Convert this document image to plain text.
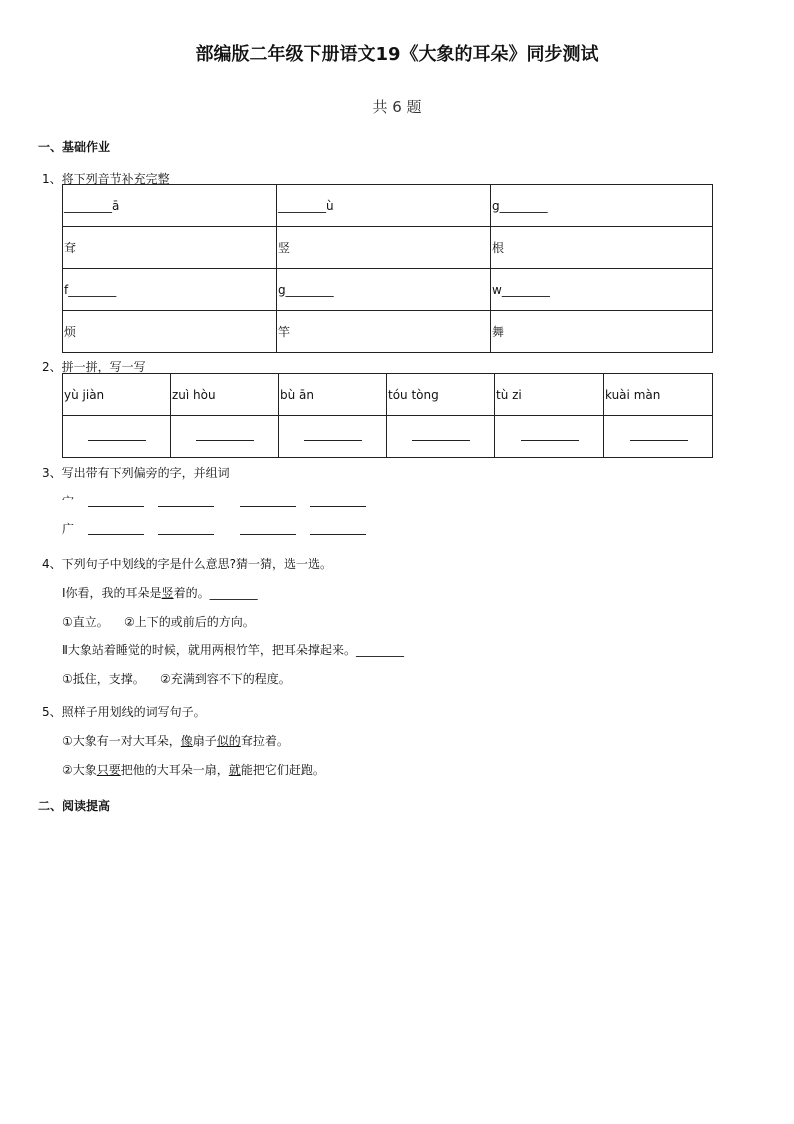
部编版二年级下册语文19《大象的耳朵》同步测试
共 6 题
一、基础作业
1、将下列音节补充完整
________ā	________ù	g________
耷	竖	根
f________	g________	w________
烦	竿	舞
2、拼一拼，写一写
yù jiàn	zuì hòu	bù ān	tóu tòng	tù zi	kuài màn

3、写出带有下列偏旁的字，并组词
宀
广
4、下列句子中划线的字是什么意思?猜一猜，选一选。
Ⅰ你看，我的耳朵是竖着的。________
①直立。    ②上下的或前后的方向。
Ⅱ大象站着睡觉的时候，就用两根竹竿，把耳朵撑起来。________
①抵住，支撑。    ②充满到容不下的程度。
5、照样子用划线的词写句子。
①大象有一对大耳朵，像扇子似的耷拉着。
②大象只要把他的大耳朵一扇，就能把它们赶跑。
二、阅读提高
